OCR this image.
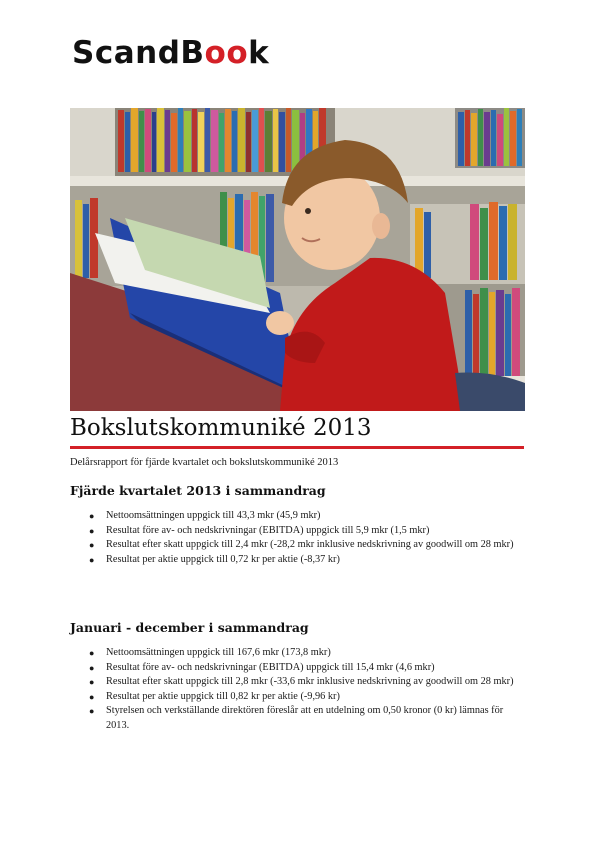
ScandBook
Bokslutskommuniké 2013
Delårsrapport för fjärde kvartalet och bokslutskommuniké 2013
Fjärde kvartalet 2013 i sammandrag
● Nettoomsättningen uppgick till 43,3 mkr (45,9 mkr)
● Resultat före av- och nedskrivningar (EBITDA) uppgick till 5,9 mkr (1,5 mkr)
● Resultat efter skatt uppgick till 2,4 mkr (-28,2 mkr inklusive nedskrivning av goodwill om 28 mkr)
● Resultat per aktie uppgick till 0,72 kr per aktie (-8,37 kr)
Januari - december i sammandrag
● Nettoomsättningen uppgick till 167,6 mkr (173,8 mkr)
● Resultat före av- och nedskrivningar (EBITDA) uppgick till 15,4 mkr (4,6 mkr)
● Resultat efter skatt uppgick till 2,8 mkr (-33,6 mkr inklusive nedskrivning av goodwill om 28 mkr)
● Resultat per aktie uppgick till 0,82 kr per aktie (-9,96 kr)
● Styrelsen och verkställande direktören föreslår att en utdelning om 0,50 kronor (0 kr) lämnas för 2013.
